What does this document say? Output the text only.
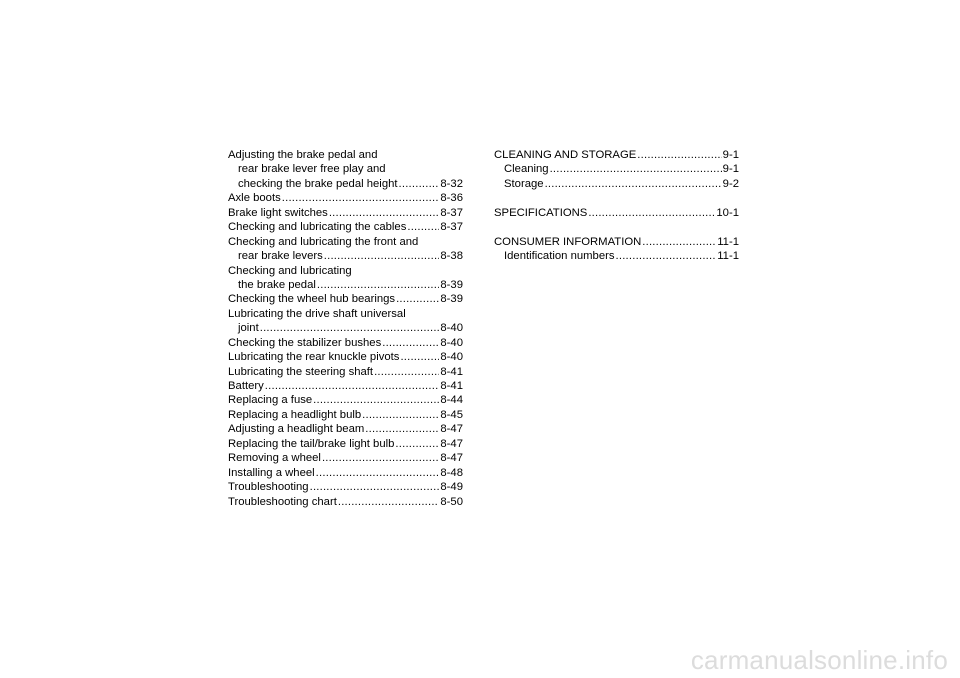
Adjusting the brake pedal and
rear brake lever free play and
checking the brake pedal height .....	8-32
Axle boots .....	8-36
Brake light switches .....	8-37
Checking and lubricating the cables .....	8-37
Checking and lubricating the front and
rear brake levers .....	8-38
Checking and lubricating
the brake pedal .....	8-39
Checking the wheel hub bearings .....	8-39
Lubricating the drive shaft universal
joint .....	8-40
Checking the stabilizer bushes .....	8-40
Lubricating the rear knuckle pivots .....	8-40
Lubricating the steering shaft .....	8-41
Battery .....	8-41
Replacing a fuse .....	8-44
Replacing a headlight bulb .....	8-45
Adjusting a headlight beam .....	8-47
Replacing the tail/brake light bulb .....	8-47
Removing a wheel .....	8-47
Installing a wheel .....	8-48
Troubleshooting .....	8-49
Troubleshooting chart .....	8-50
CLEANING AND STORAGE .....	9-1
Cleaning .....	9-1
Storage .....	9-2
SPECIFICATIONS .....	10-1
CONSUMER INFORMATION .....	11-1
Identification numbers .....	11-1
carmanualsonline.info
